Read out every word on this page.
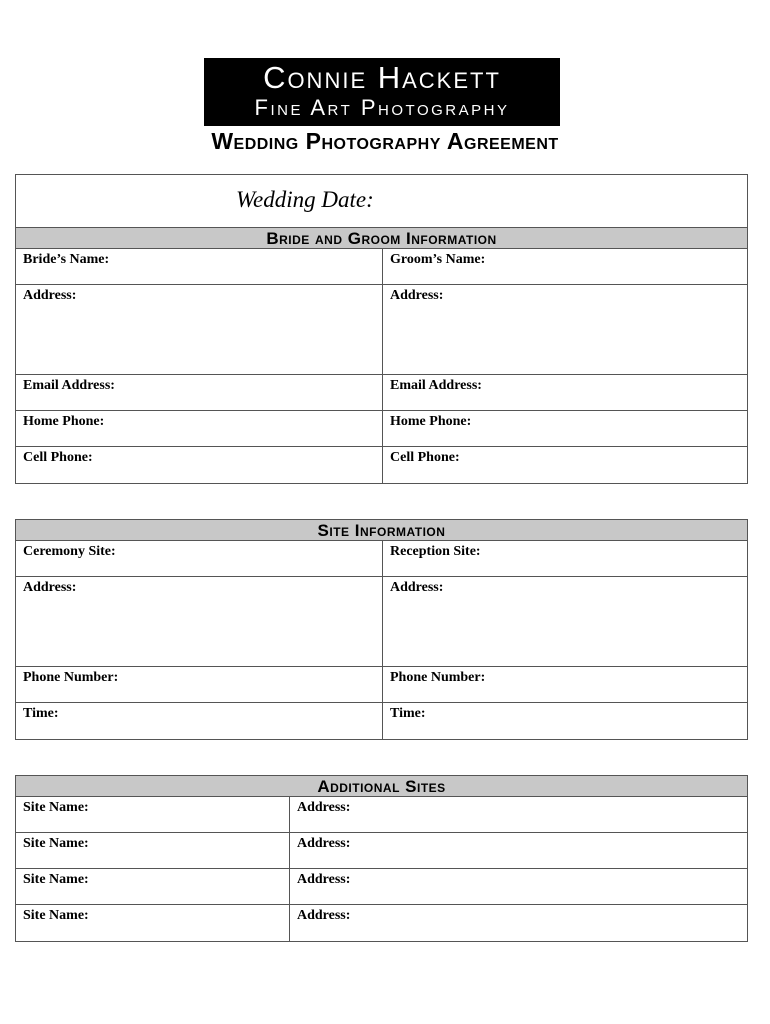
Connie Hackett
Fine Art Photography
Wedding Photography Agreement
Wedding Date:
Bride and Groom Information
Bride’s Name:	Groom’s Name:
Address:	Address:
Email Address:	Email Address:
Home Phone:	Home Phone:
Cell Phone:	Cell Phone:
Site Information
Ceremony Site:	Reception Site:
Address:	Address:
Phone Number:	Phone Number:
Time:	Time:
Additional Sites
Site Name:	Address:
Site Name:	Address:
Site Name:	Address:
Site Name:	Address:
